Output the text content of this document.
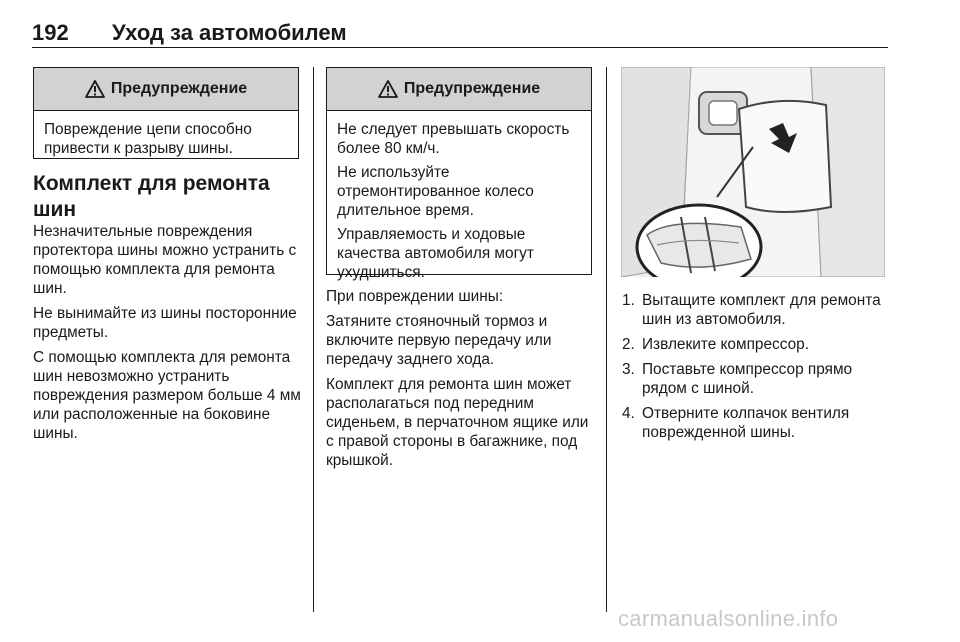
192 Уход за автомобилем
Предупреждение

Повреждение цепи способно привести к разрыву шины.

Комплект для ремонта шин

Незначительные повреждения протектора шины можно устранить с помощью комплекта для ремонта шин.

Не вынимайте из шины посторонние предметы.

С помощью комплекта для ремонта шин невозможно устранить повреждения размером больше 4 мм или расположенные на боковине шины.

Предупреждение

Не следует превышать скорость более 80 км/ч.

Не используйте отремонтированное колесо длительное время.

Управляемость и ходовые качества автомобиля могут ухудшиться.

При повреждении шины:

Затяните стояночный тормоз и включите первую передачу или передачу заднего хода.

Комплект для ремонта шин может располагаться под передним сиденьем, в перчаточном ящике или с правой стороны в багажнике, под крышкой.

1. Вытащите комплект для ремонта шин из автомобиля.
2. Извлеките компрессор.
3. Поставьте компрессор прямо рядом с шиной.
4. Отверните колпачок вентиля поврежденной шины.
carmanualsonline.info
